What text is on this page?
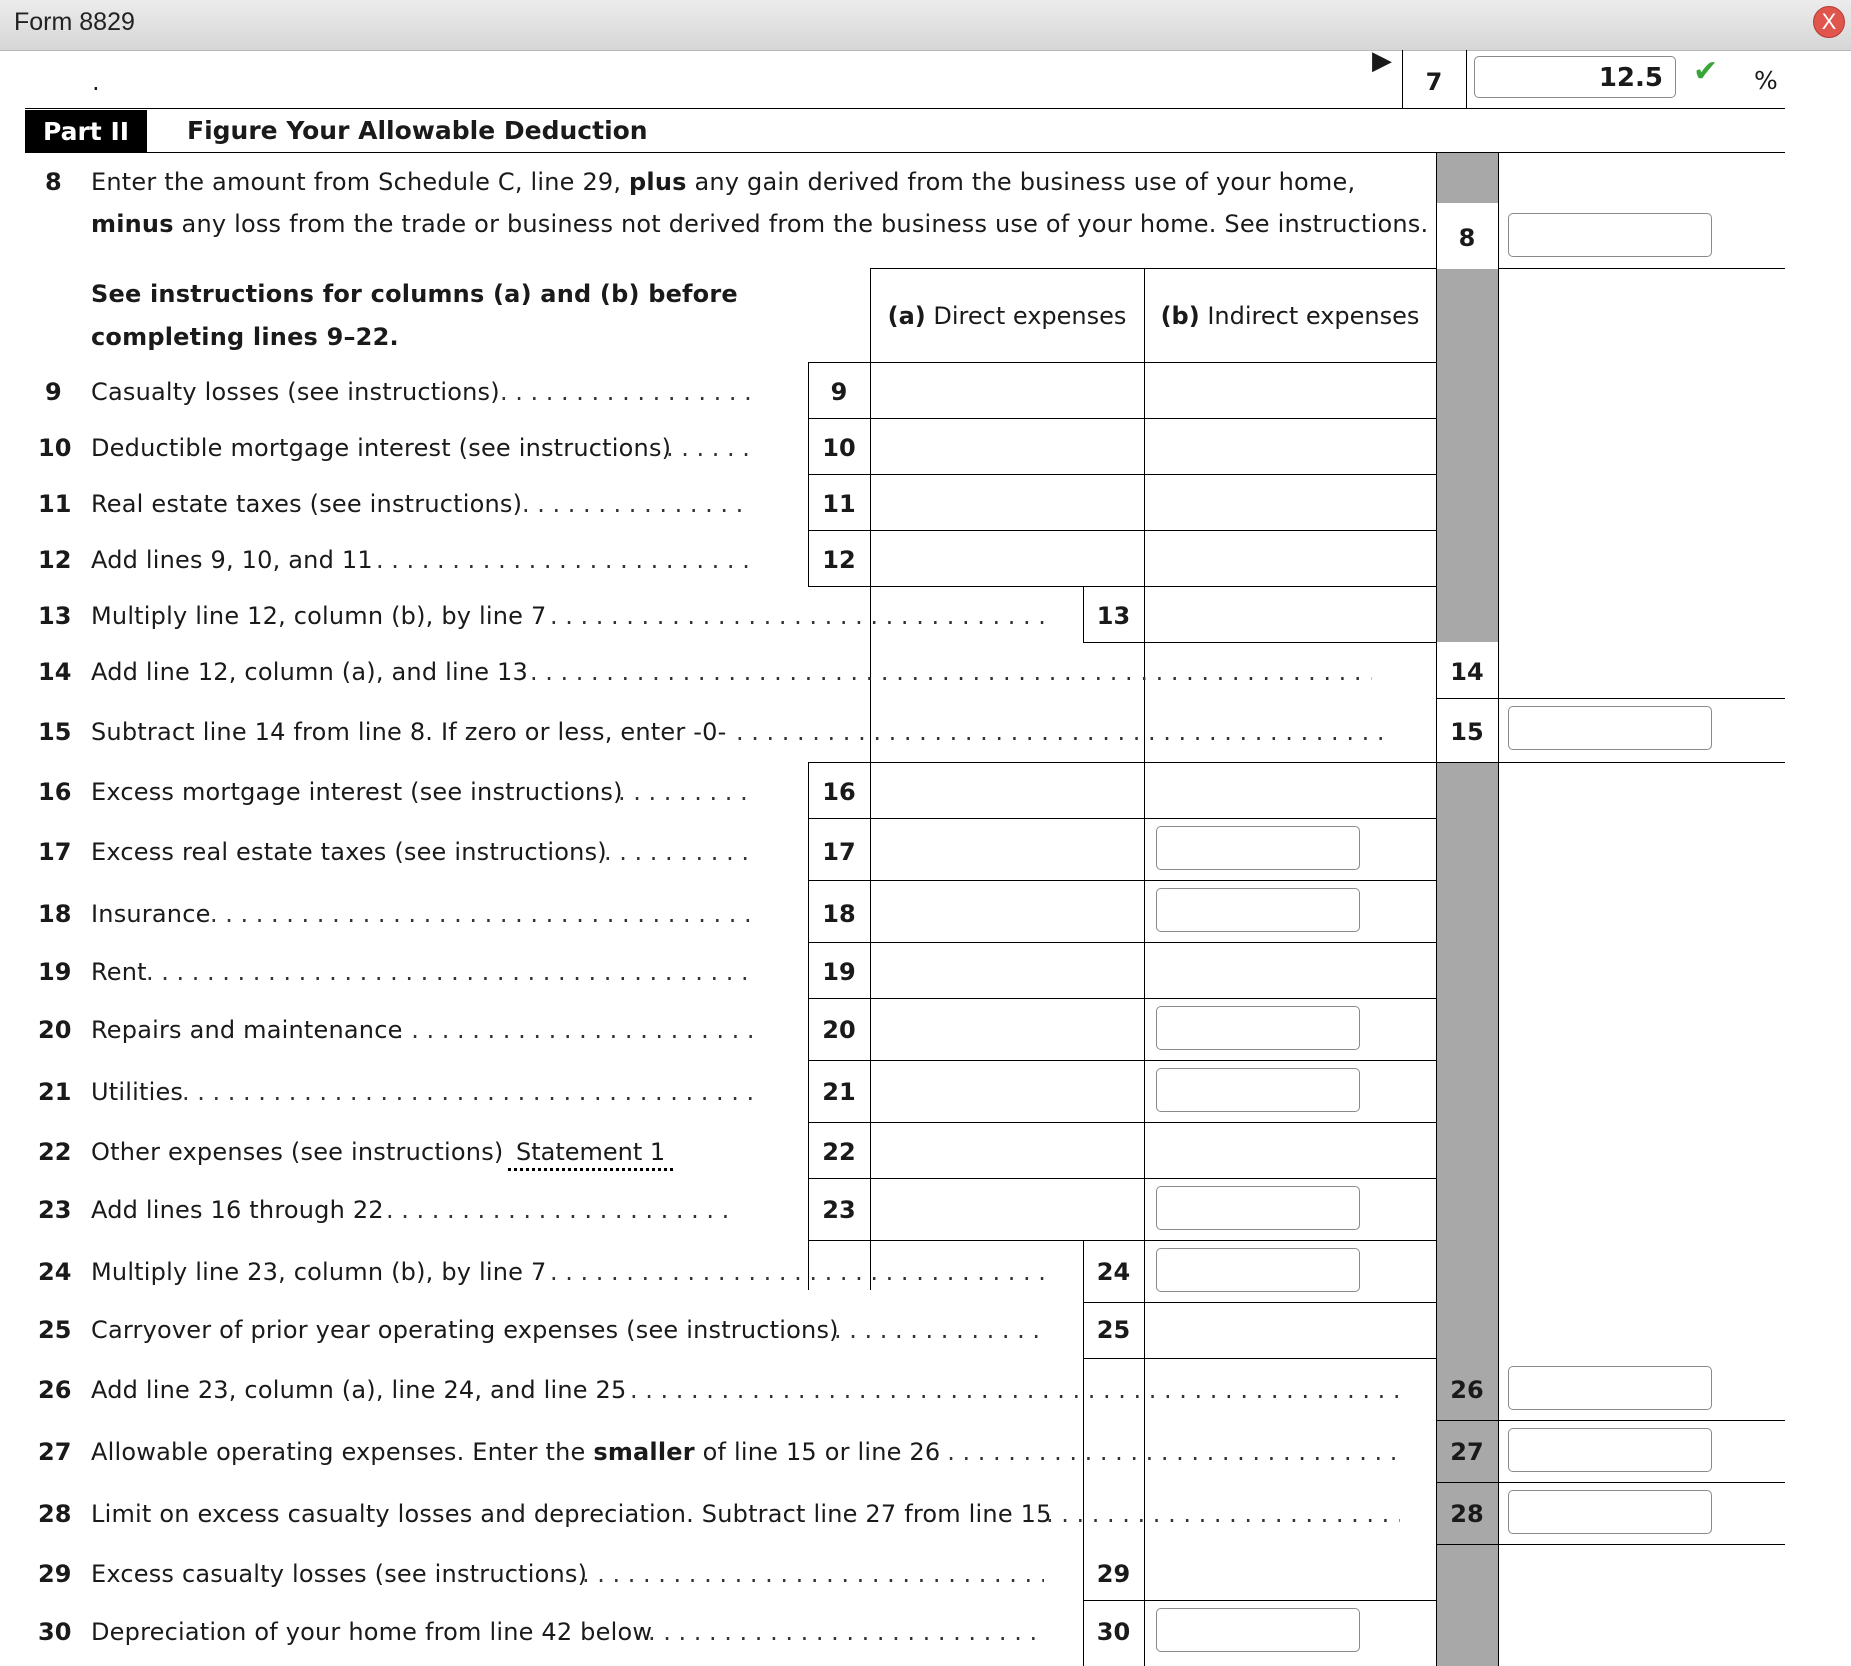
Form 8829	X
.
▶
7	12.5	✔ %
Part II	Figure Your Allowable Deduction
8 Enter the amount from Schedule C, line 29, plus any gain derived from the business use of your home,
minus any loss from the trade or business not derived from the business use of your home. See instructions.	8
See instructions for columns (a) and (b) before
completing lines 9–22.
(a) Direct expenses	(b) Indirect expenses
9 Casualty losses (see instructions) . . .	9
10 Deductible mortgage interest (see instructions) . . .	10
11 Real estate taxes (see instructions) . . .	11
12 Add lines 9, 10, and 11 . . .	12
13 Multiply line 12, column (b), by line 7 . . .	13
14 Add line 12, column (a), and line 13 . . .	14
15 Subtract line 14 from line 8. If zero or less, enter -0- . . .	15
16 Excess mortgage interest (see instructions) . . .	16
17 Excess real estate taxes (see instructions) . . .	17
18 Insurance . . .	18
19 Rent . . .	19
20 Repairs and maintenance . . .	20
21 Utilities . . .	21
22 Other expenses (see instructions) Statement 1	22
23 Add lines 16 through 22 . . .	23
24 Multiply line 23, column (b), by line 7 . . .	24
25 Carryover of prior year operating expenses (see instructions) . . .	25
26 Add line 23, column (a), line 24, and line 25 . . .	26
27 Allowable operating expenses. Enter the smaller of line 15 or line 26 . . .	27
28 Limit on excess casualty losses and depreciation. Subtract line 27 from line 15 . . .	28
29 Excess casualty losses (see instructions) . . .	29
30 Depreciation of your home from line 42 below . . .	30
